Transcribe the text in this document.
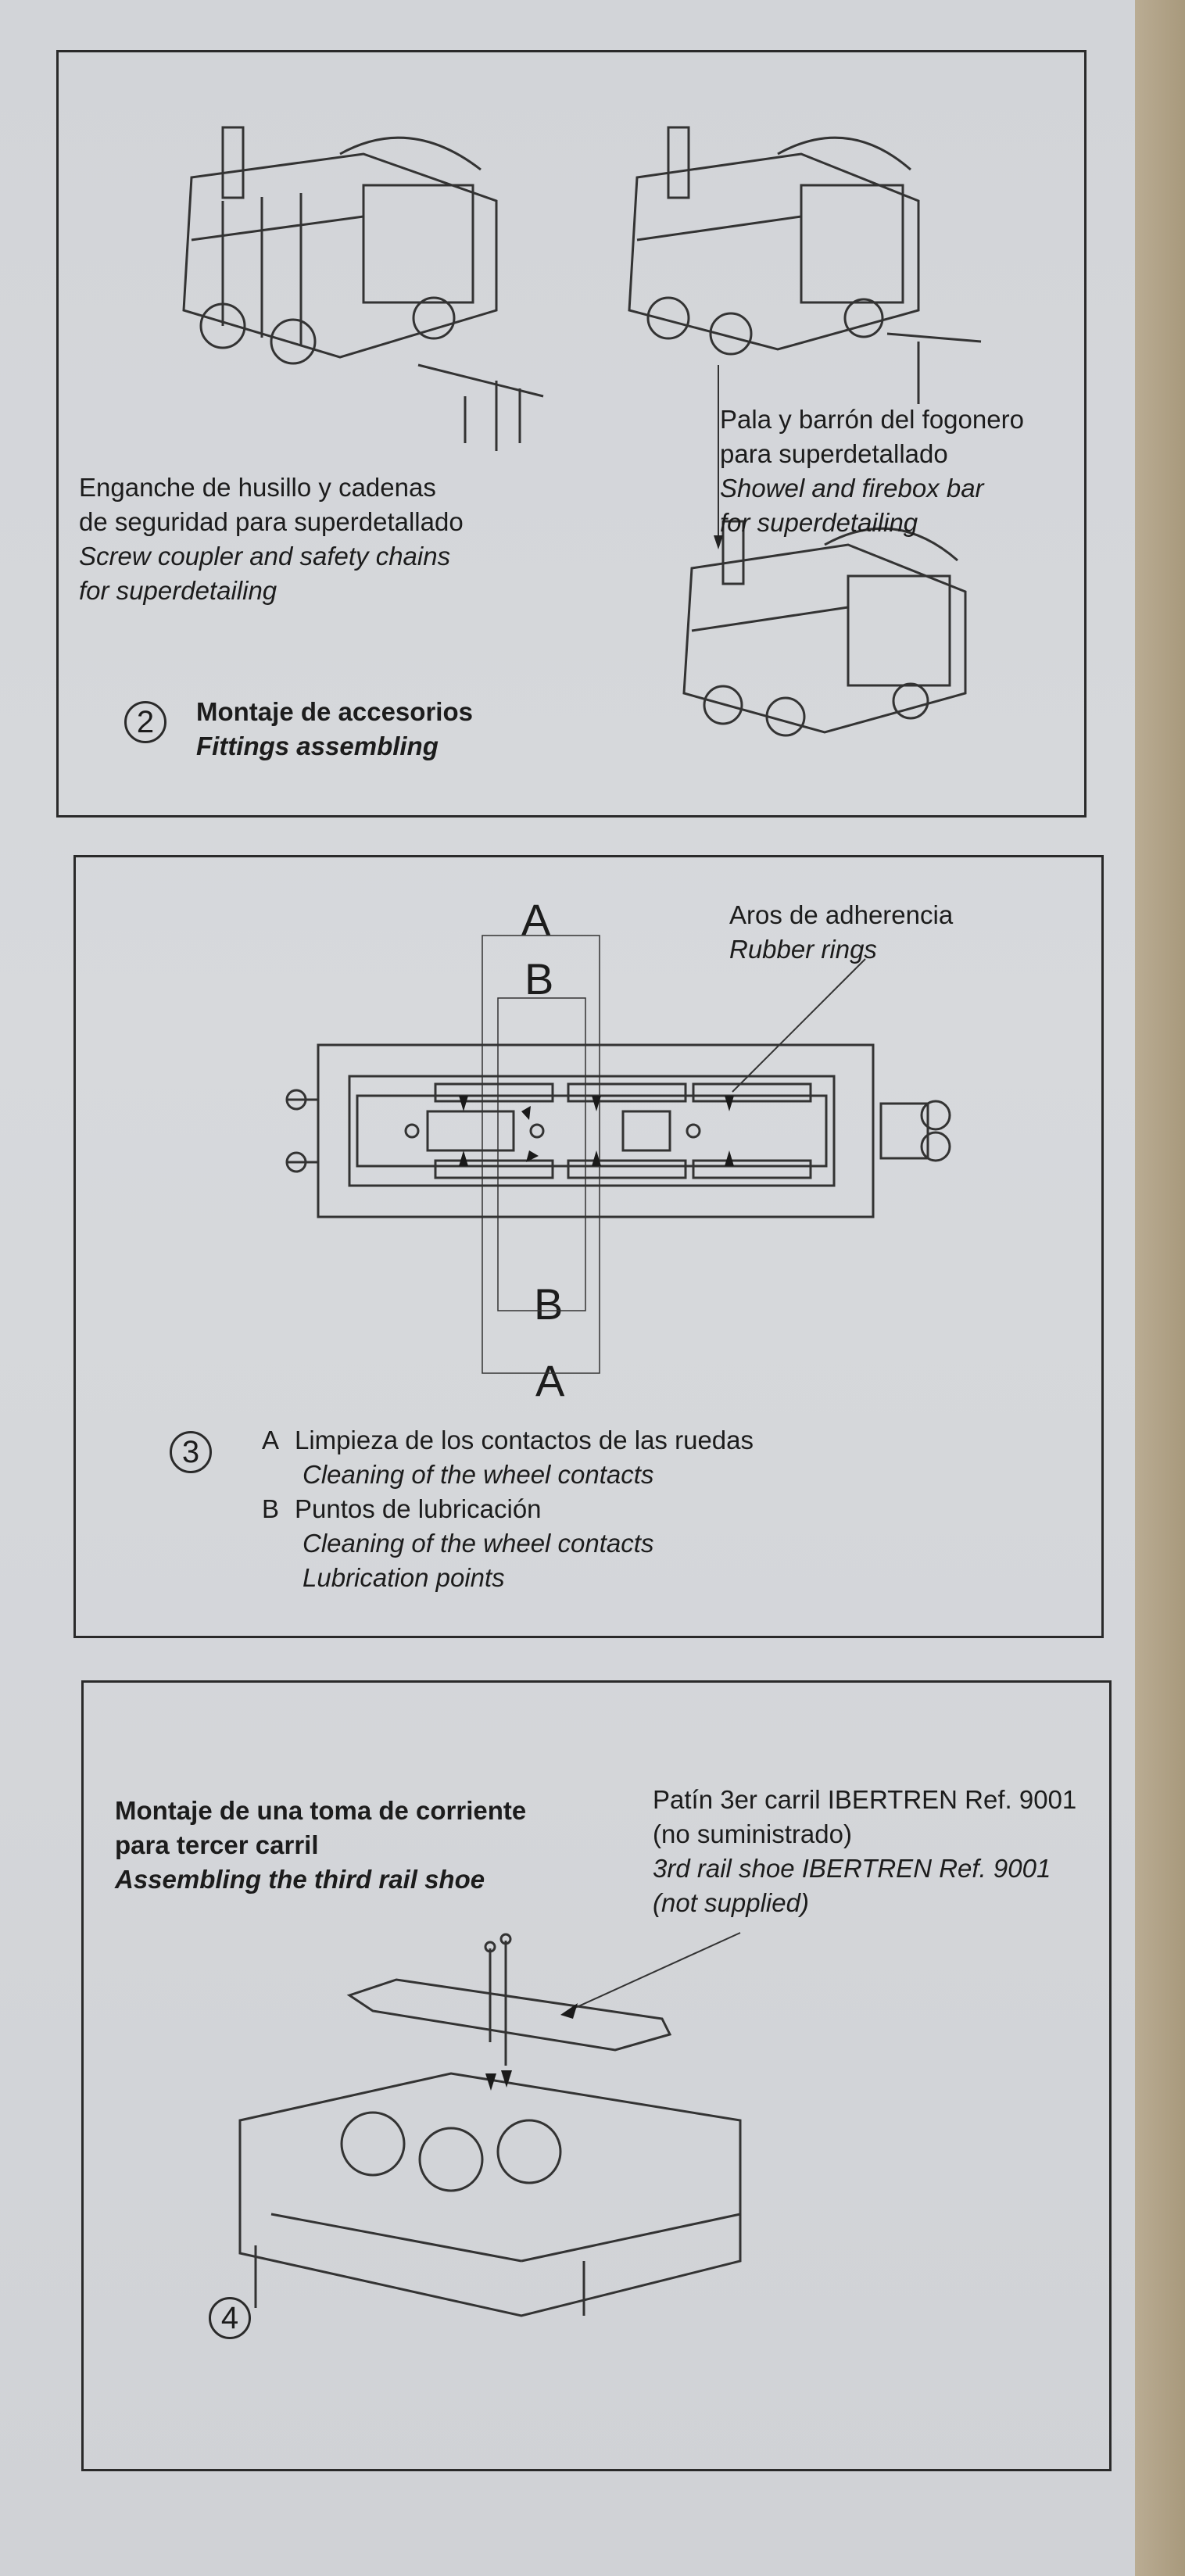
Enganche de husillo y cadenas
de seguridad para superdetallado
Screw coupler and safety chains
for superdetailing
Pala y barrón del fogonero
para superdetallado
Showel and firebox bar
for superdetailing
2	Montaje de accesorios
Fittings assembling
A
B
B
A
Aros de adherencia
Rubber rings
3	A Limpieza de los contactos de las ruedas
Cleaning of the wheel contacts
B Puntos de lubricación
Cleaning of the wheel contacts
Lubrication points
Montaje de una toma de corriente
para tercer carril
Assembling the third rail shoe
Patín 3er carril IBERTREN Ref. 9001
(no suministrado)
3rd rail shoe IBERTREN Ref. 9001
(not supplied)
4
